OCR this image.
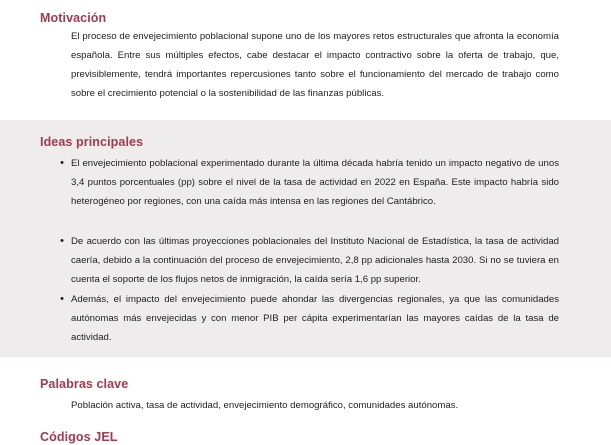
Motivación

El proceso de envejecimiento poblacional supone uno de los mayores retos estructurales que afronta la economía española. Entre sus múltiples efectos, cabe destacar el impacto contractivo sobre la oferta de trabajo, que, previsiblemente, tendrá importantes repercusiones tanto sobre el funcionamiento del mercado de trabajo como sobre el crecimiento potencial o la sostenibilidad de las finanzas públicas.

Ideas principales
• El envejecimiento poblacional experimentado durante la última década habría tenido un impacto negativo de unos 3,4 puntos porcentuales (pp) sobre el nivel de la tasa de actividad en 2022 en España. Este impacto habría sido heterogéneo por regiones, con una caída más intensa en las regiones del Cantábrico.
• De acuerdo con las últimas proyecciones poblacionales del Instituto Nacional de Estadística, la tasa de actividad caería, debido a la continuación del proceso de envejecimiento, 2,8 pp adicionales hasta 2030. Si no se tuviera en cuenta el soporte de los flujos netos de inmigración, la caída sería 1,6 pp superior.
• Además, el impacto del envejecimiento puede ahondar las divergencias regionales, ya que las comunidades autónomas más envejecidas y con menor PIB per cápita experimentarían las mayores caídas de la tasa de actividad.
Palabras clave

Población activa, tasa de actividad, envejecimiento demográfico, comunidades autónomas.

Códigos JEL
